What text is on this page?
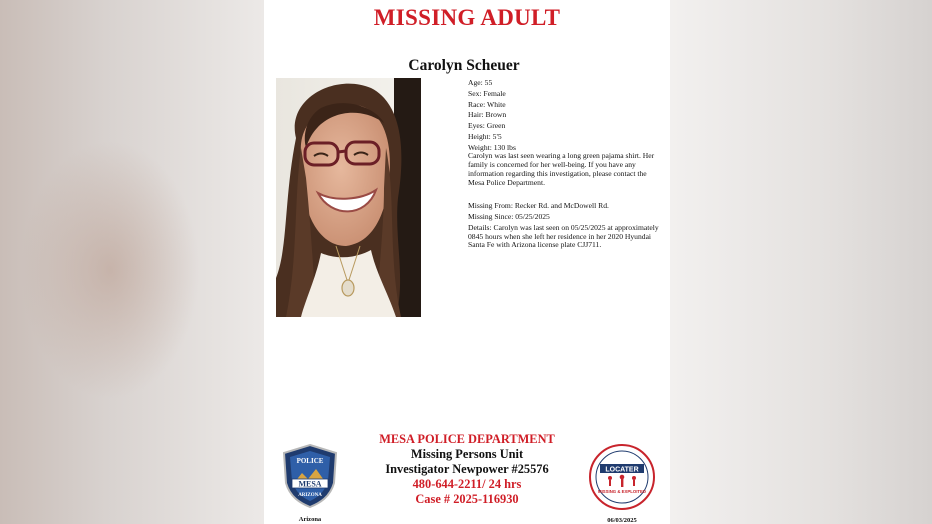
MISSING ADULT
Carolyn Scheuer
Age: 55
Sex: Female
Race: White
Hair: Brown
Eyes: Green
Height: 5'5
Weight: 130 lbs
Carolyn was last seen wearing a long green pajama shirt. Her family is concerned for her well-being. If you have any information regarding this investigation, please contact the Mesa Police Department.
Missing From: Recker Rd. and McDowell Rd.
Missing Since: 05/25/2025
Details: Carolyn was last seen on 05/25/2025 at approximately 0845 hours when she left her residence in her 2020 Hyundai Santa Fe with Arizona license plate CJJ711.
MESA POLICE DEPARTMENT
Missing Persons Unit
Investigator Newpower #25576
480-644-2211/ 24 hrs
Case # 2025-116930
POLICE
MESA
ARIZONA
Arizona
LOCATER
MISSING & EXPLOITED
06/03/2025
